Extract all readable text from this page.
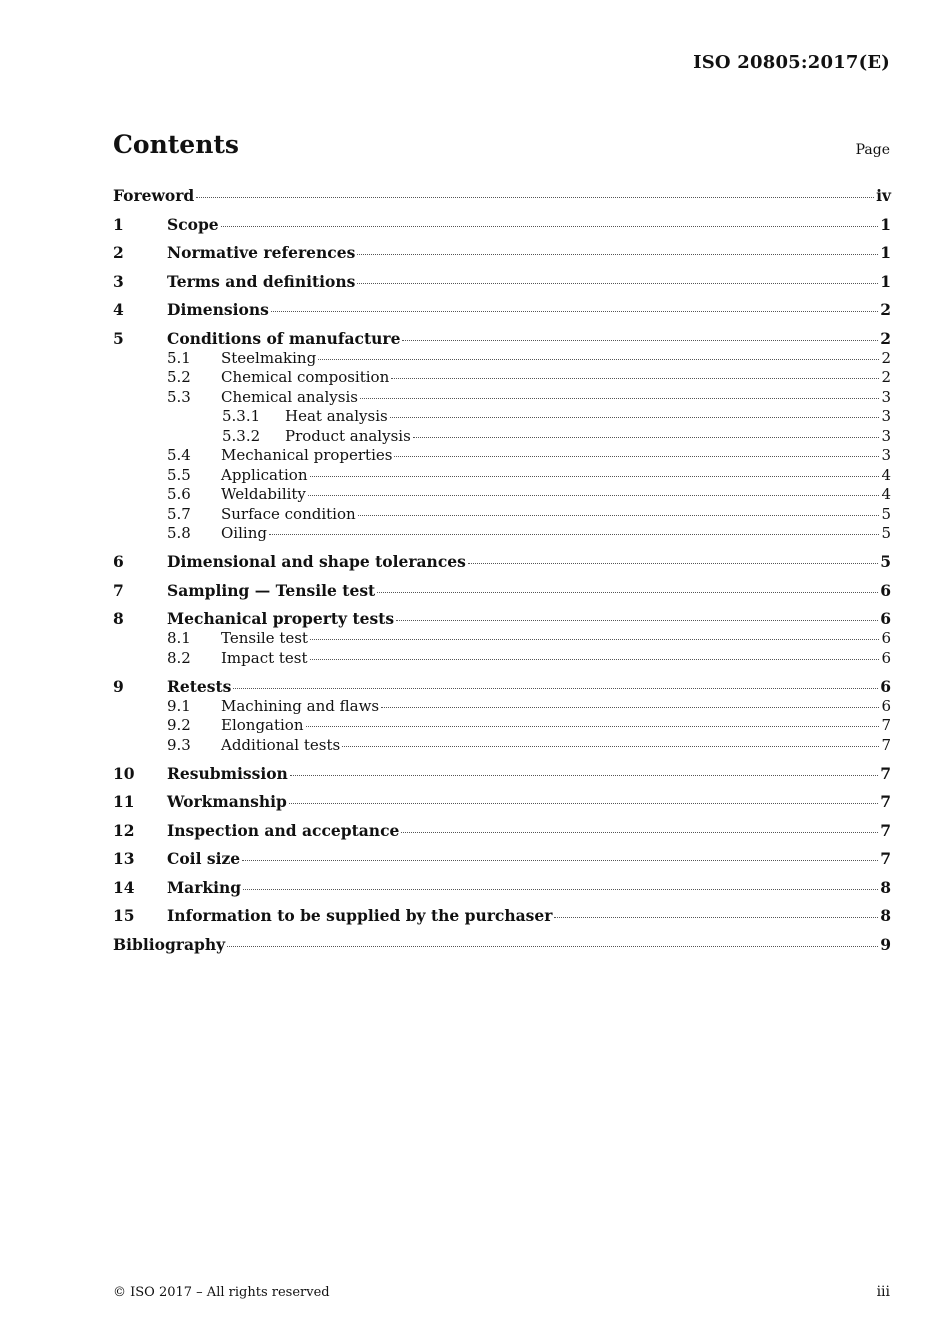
ISO 20805:2017(E)
Contents	Page
Foreword	iv
1	Scope	1
2	Normative references	1
3	Terms and definitions	1
4	Dimensions	2
5	Conditions of manufacture	2
5.1	Steelmaking	2
5.2	Chemical composition	2
5.3	Chemical analysis	3
5.3.1	Heat analysis	3
5.3.2	Product analysis	3
5.4	Mechanical properties	3
5.5	Application	4
5.6	Weldability	4
5.7	Surface condition	5
5.8	Oiling	5
6	Dimensional and shape tolerances	5
7	Sampling — Tensile test	6
8	Mechanical property tests	6
8.1	Tensile test	6
8.2	Impact test	6
9	Retests	6
9.1	Machining and flaws	6
9.2	Elongation	7
9.3	Additional tests	7
10	Resubmission	7
11	Workmanship	7
12	Inspection and acceptance	7
13	Coil size	7
14	Marking	8
15	Information to be supplied by the purchaser	8
Bibliography	9
© ISO 2017 – All rights reserved	iii
